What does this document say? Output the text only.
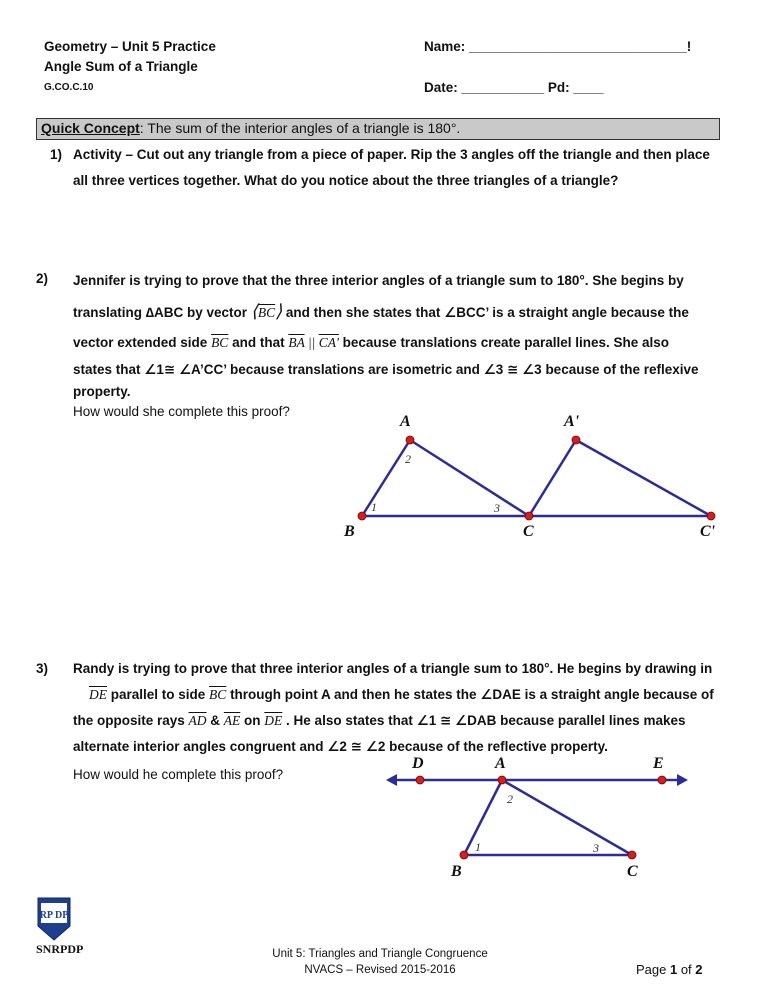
Geometry – Unit 5 Practice
Angle Sum of a Triangle
G.CO.C.10
Name: _____________________________!
Date: ___________ Pd: ____
Quick Concept: The sum of the interior angles of a triangle is 180°.
1) Activity – Cut out any triangle from a piece of paper. Rip the 3 angles off the triangle and then place
all three vertices together. What do you notice about the three triangles of a triangle?
2) Jennifer is trying to prove that the three interior angles of a triangle sum to 180°. She begins by
translating ∆ABC by vector $⟨\overline{BC}⟩$ and then she states that ∠BCC’ is a straight angle because the
vector extended side $\overline{BC}$ and that $\overline{BA}$ || CA' because translations create parallel lines. She also
states that ∠1≅ ∠A’CC’ because translations are isometric and ∠3 ≅ ∠3 because of the reflexive
property.
How would she complete this proof?
A	A'
B	C	C'
2
1	3
3) Randy is trying to prove that three interior angles of a triangle sum to 180°. He begins by drawing in
$\overline{DE}$ parallel to side $\overline{BC}$ through point A and then he states the ∠DAE is a straight angle because of
the opposite rays $\overline{AD}$ & $\overline{AE}$ on $\overline{DE}$ . He also states that ∠1 ≅ ∠DAB because parallel lines makes
alternate interior angles congruent and ∠2 ≅ ∠2 because of the reflective property.
How would he complete this proof?
D	A	E
B	C
2
1	3
RP DP
SNRPDP	Unit 5: Triangles and Triangle Congruence
NVACS – Revised 2015-2016	Page 1 of 2
